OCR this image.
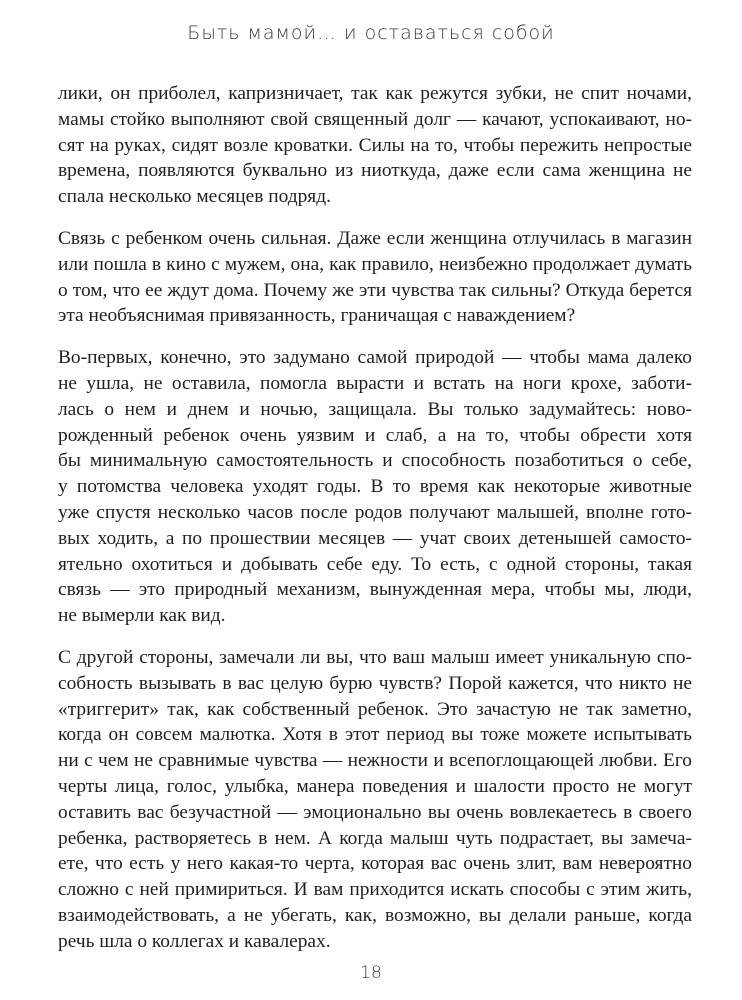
Быть мамой… и оставаться собой

лики, он приболел, капризничает, так как режутся зубки, не спит ночами,
мамы стойко выполняют свой священный долг — качают, успокаивают, но-
сят на руках, сидят возле кроватки. Силы на то, чтобы пережить непростые
времена, появляются буквально из ниоткуда, даже если сама женщина не
спала несколько месяцев подряд.

Связь с ребенком очень сильная. Даже если женщина отлучилась в магазин
или пошла в кино с мужем, она, как правило, неизбежно продолжает думать
о том, что ее ждут дома. Почему же эти чувства так сильны? Откуда берется
эта необъяснимая привязанность, граничащая с наваждением?

Во-первых, конечно, это задумано самой природой — чтобы мама далеко
не ушла, не оставила, помогла вырасти и встать на ноги крохе, заботи-
лась о нем и днем и ночью, защищала. Вы только задумайтесь: ново-
рожденный ребенок очень уязвим и слаб, а на то, чтобы обрести хотя
бы минимальную самостоятельность и способность позаботиться о себе,
у потомства человека уходят годы. В то время как некоторые животные
уже спустя несколько часов после родов получают малышей, вполне гото-
вых ходить, а по прошествии месяцев — учат своих детенышей самосто-
ятельно охотиться и добывать себе еду. То есть, с одной стороны, такая
связь — это природный механизм, вынужденная мера, чтобы мы, люди,
не вымерли как вид.

С другой стороны, замечали ли вы, что ваш малыш имеет уникальную спо-
собность вызывать в вас целую бурю чувств? Порой кажется, что никто не
«триггерит» так, как собственный ребенок. Это зачастую не так заметно,
когда он совсем малютка. Хотя в этот период вы тоже можете испытывать
ни с чем не сравнимые чувства — нежности и всепоглощающей любви. Его
черты лица, голос, улыбка, манера поведения и шалости просто не могут
оставить вас безучастной — эмоционально вы очень вовлекаетесь в своего
ребенка, растворяетесь в нем. А когда малыш чуть подрастает, вы замеча-
ете, что есть у него какая-то черта, которая вас очень злит, вам невероятно
сложно с ней примириться. И вам приходится искать способы с этим жить,
взаимодействовать, а не убегать, как, возможно, вы делали раньше, когда
речь шла о коллегах и кавалерах.

18
